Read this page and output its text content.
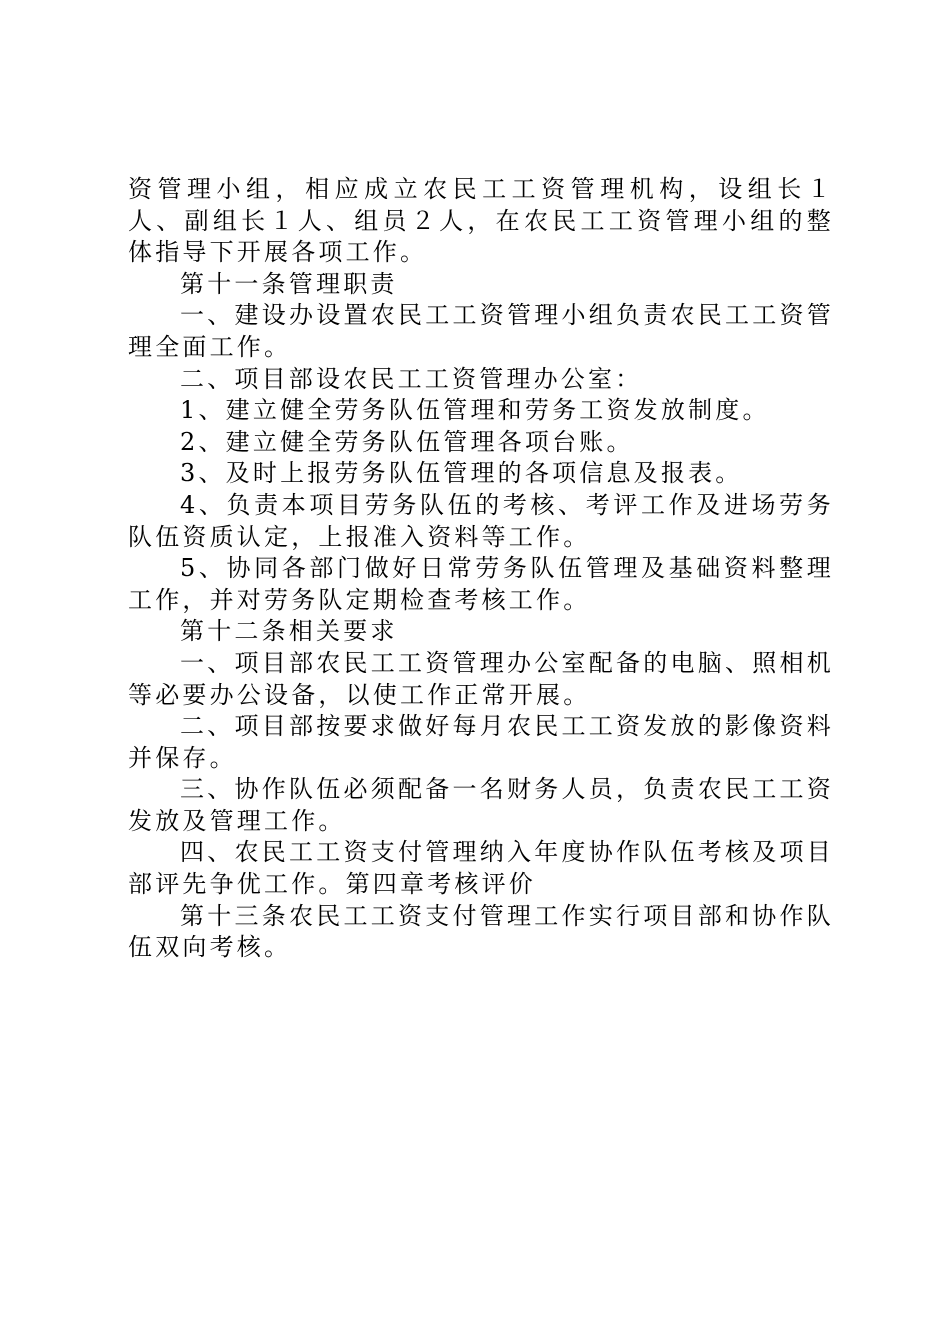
资管理小组，相应成立农民工工资管理机构，设组长１人、副组长１人、组员２人，在农民工工资管理小组的整体指导下开展各项工作。

第十一条管理职责

一、建设办设置农民工工资管理小组负责农民工工资管理全面工作。

二、项目部设农民工工资管理办公室：

1、建立健全劳务队伍管理和劳务工资发放制度。

2、建立健全劳务队伍管理各项台账。

3、及时上报劳务队伍管理的各项信息及报表。

4、负责本项目劳务队伍的考核、考评工作及进场劳务队伍资质认定，上报准入资料等工作。

5、协同各部门做好日常劳务队伍管理及基础资料整理工作，并对劳务队定期检查考核工作。

第十二条相关要求

一、项目部农民工工资管理办公室配备的电脑、照相机等必要办公设备，以使工作正常开展。

二、项目部按要求做好每月农民工工资发放的影像资料并保存。

三、协作队伍必须配备一名财务人员，负责农民工工资发放及管理工作。

四、农民工工资支付管理纳入年度协作队伍考核及项目部评先争优工作。第四章考核评价

第十三条农民工工资支付管理工作实行项目部和协作队伍双向考核。
